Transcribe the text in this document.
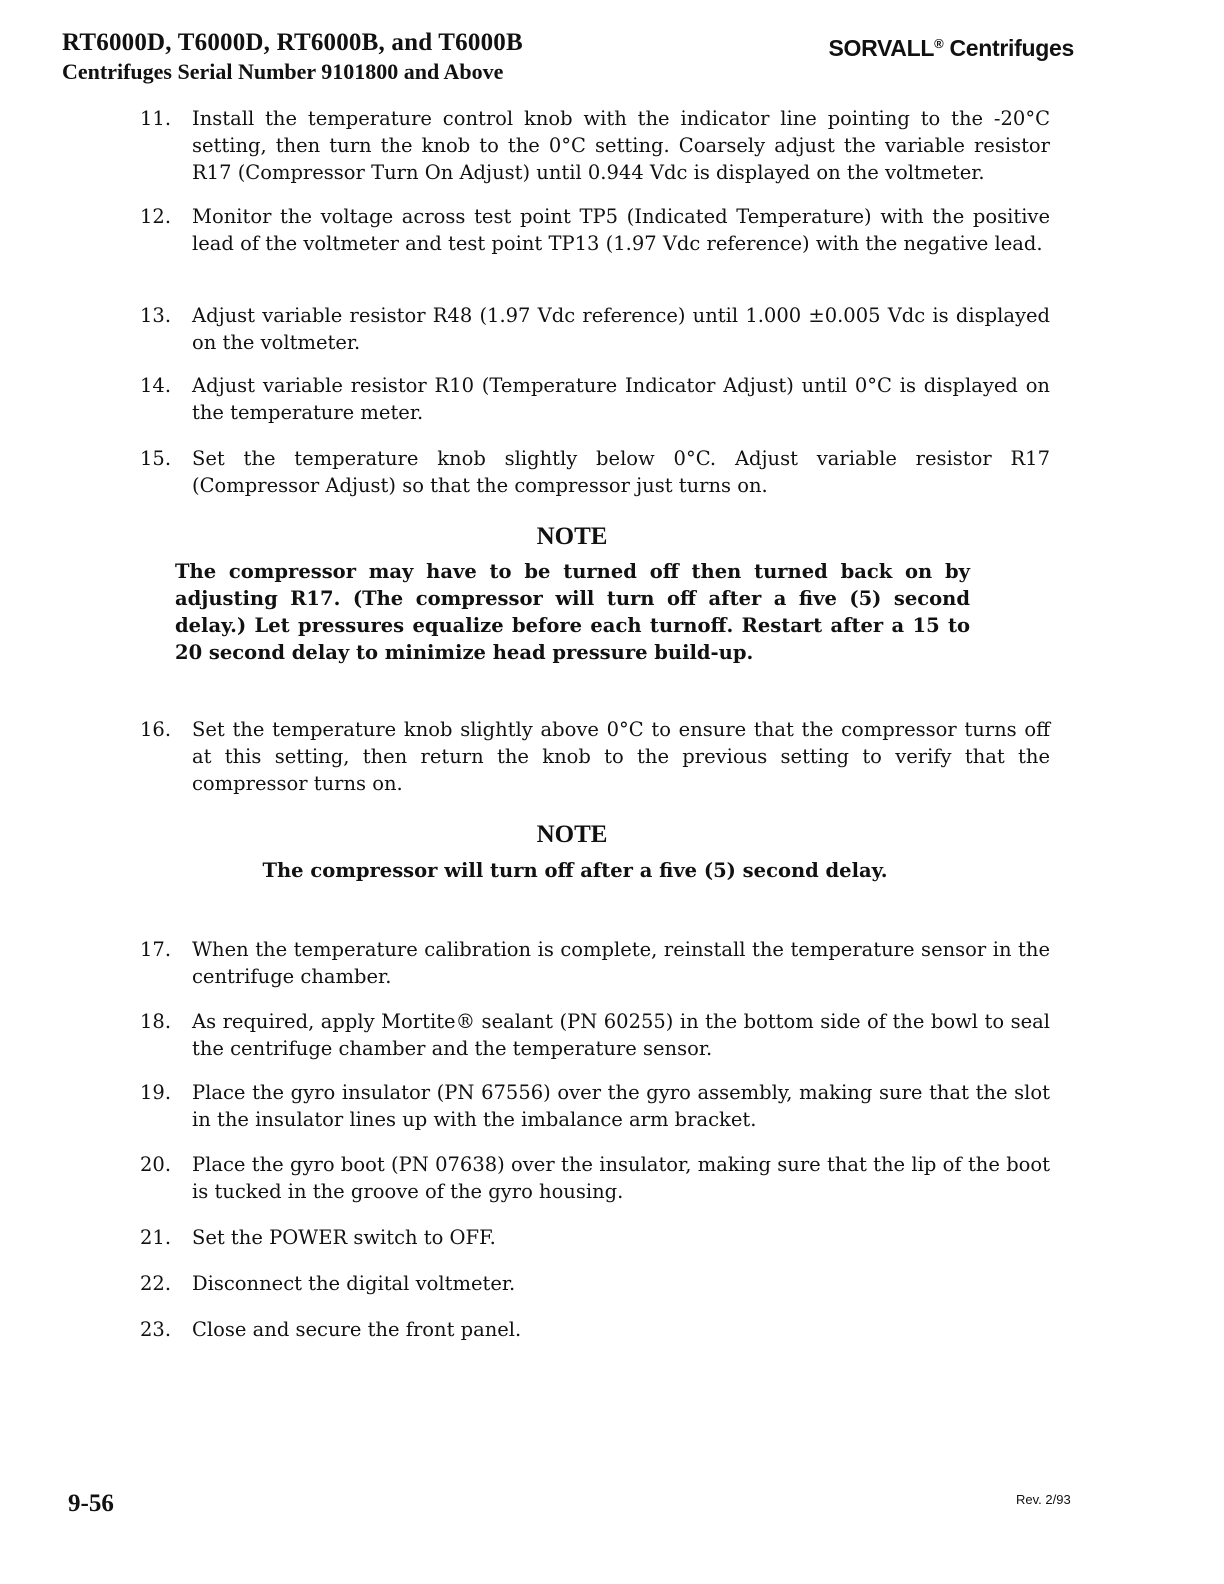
RT6000D, T6000D, RT6000B, and T6000B
Centrifuges Serial Number 9101800 and Above
SORVALL® Centrifuges
11.	Install the temperature control knob with the indicator line pointing to the -20°C setting, then turn the knob to the 0°C setting. Coarsely adjust the variable resistor R17 (Compressor Turn On Adjust) until 0.944 Vdc is displayed on the voltmeter.
12.	Monitor the voltage across test point TP5 (Indicated Temperature) with the positive lead of the voltmeter and test point TP13 (1.97 Vdc reference) with the negative lead.
13.	Adjust variable resistor R48 (1.97 Vdc reference) until 1.000 ±0.005 Vdc is displayed on the voltmeter.
14.	Adjust variable resistor R10 (Temperature Indicator Adjust) until 0°C is displayed on the temperature meter.
15.	Set the temperature knob slightly below 0°C. Adjust variable resistor R17 (Compressor Adjust) so that the compressor just turns on.
NOTE
The compressor may have to be turned off then turned back on by adjusting R17. (The compressor will turn off after a five (5) second delay.) Let pressures equalize before each turnoff. Restart after a 15 to 20 second delay to minimize head pressure build-up.
16.	Set the temperature knob slightly above 0°C to ensure that the compressor turns off at this setting, then return the knob to the previous setting to verify that the compressor turns on.
NOTE
The compressor will turn off after a five (5) second delay.
17.	When the temperature calibration is complete, reinstall the temperature sensor in the centrifuge chamber.
18.	As required, apply Mortite® sealant (PN 60255) in the bottom side of the bowl to seal the centrifuge chamber and the temperature sensor.
19.	Place the gyro insulator (PN 67556) over the gyro assembly, making sure that the slot in the insulator lines up with the imbalance arm bracket.
20.	Place the gyro boot (PN 07638) over the insulator, making sure that the lip of the boot is tucked in the groove of the gyro housing.
21.	Set the POWER switch to OFF.
22.	Disconnect the digital voltmeter.
23.	Close and secure the front panel.
9-56	Rev. 2/93
